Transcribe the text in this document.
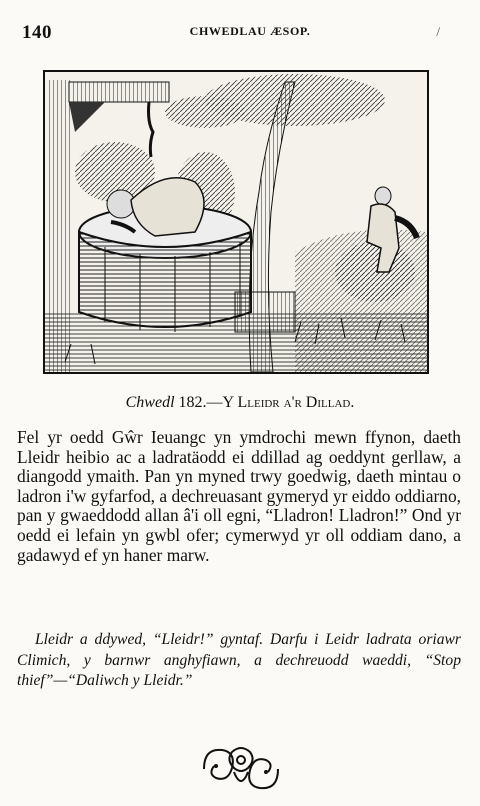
140	CHWEDLAU ÆSOP.	/
Chwedl 182.—Y Lleidr a'r Dillad.

Fel yr oedd Gŵr Ieuangc yn ymdrochi mewn ffynon, daeth Lleidr heibio ac a ladratäodd ei ddillad ag oeddynt gerllaw, a diangodd ymaith. Pan yn myned trwy goedwig, daeth mintau o ladron i'w gyfarfod, a dechreuasant gymeryd yr eiddo oddiarno, pan y gwaeddodd allan â'i oll egni, “Lladron! Lladron!” Ond yr oedd ei lefain yn gwbl ofer; cymerwyd yr oll oddiam dano, a gadawyd ef yn haner marw.

Lleidr a ddywed, “Lleidr!” gyntaf. Darfu i Leidr ladrata oriawr Climich, y barnwr anghyfiawn, a dechreuodd waeddi, “Stop thief”—“Daliwch y Lleidr.”
